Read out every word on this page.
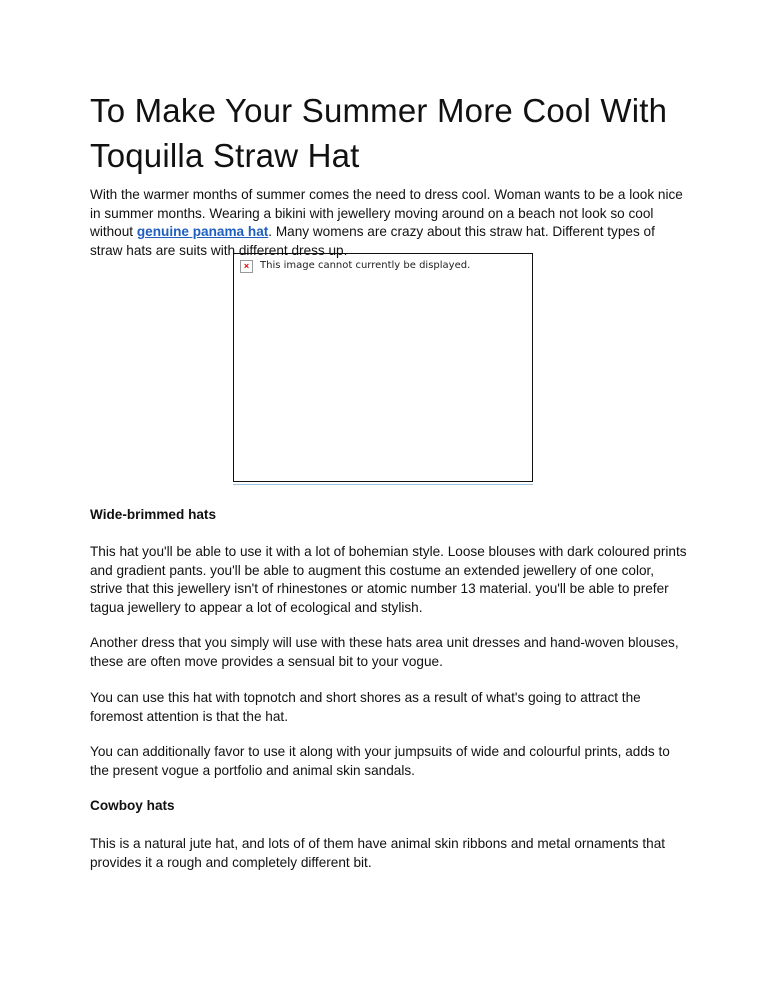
To Make Your Summer More Cool With Toquilla Straw Hat

With the warmer months of summer comes the need to dress cool. Woman wants to be a look nice in summer months. Wearing a bikini with jewellery moving around on a beach not look so cool without genuine panama hat. Many womens are crazy about this straw hat. Different types of straw hats are suits with different dress up.

×	This image cannot currently be displayed.
Wide-brimmed hats

This hat you'll be able to use it with a lot of bohemian style. Loose blouses with dark coloured prints and gradient pants. you'll be able to augment this costume an extended jewellery of one color, strive that this jewellery isn't of rhinestones or atomic number 13 material. you'll be able to prefer tagua jewellery to appear a lot of ecological and stylish.

Another dress that you simply will use with these hats area unit dresses and hand-woven blouses, these are often move provides a sensual bit to your vogue.

You can use this hat with topnotch and short shores as a result of what's going to attract the foremost attention is that the hat.

You can additionally favor to use it along with your jumpsuits of wide and colourful prints, adds to the present vogue a portfolio and animal skin sandals.

Cowboy hats

This is a natural jute hat, and lots of of them have animal skin ribbons and metal ornaments that provides it a rough and completely different bit.
